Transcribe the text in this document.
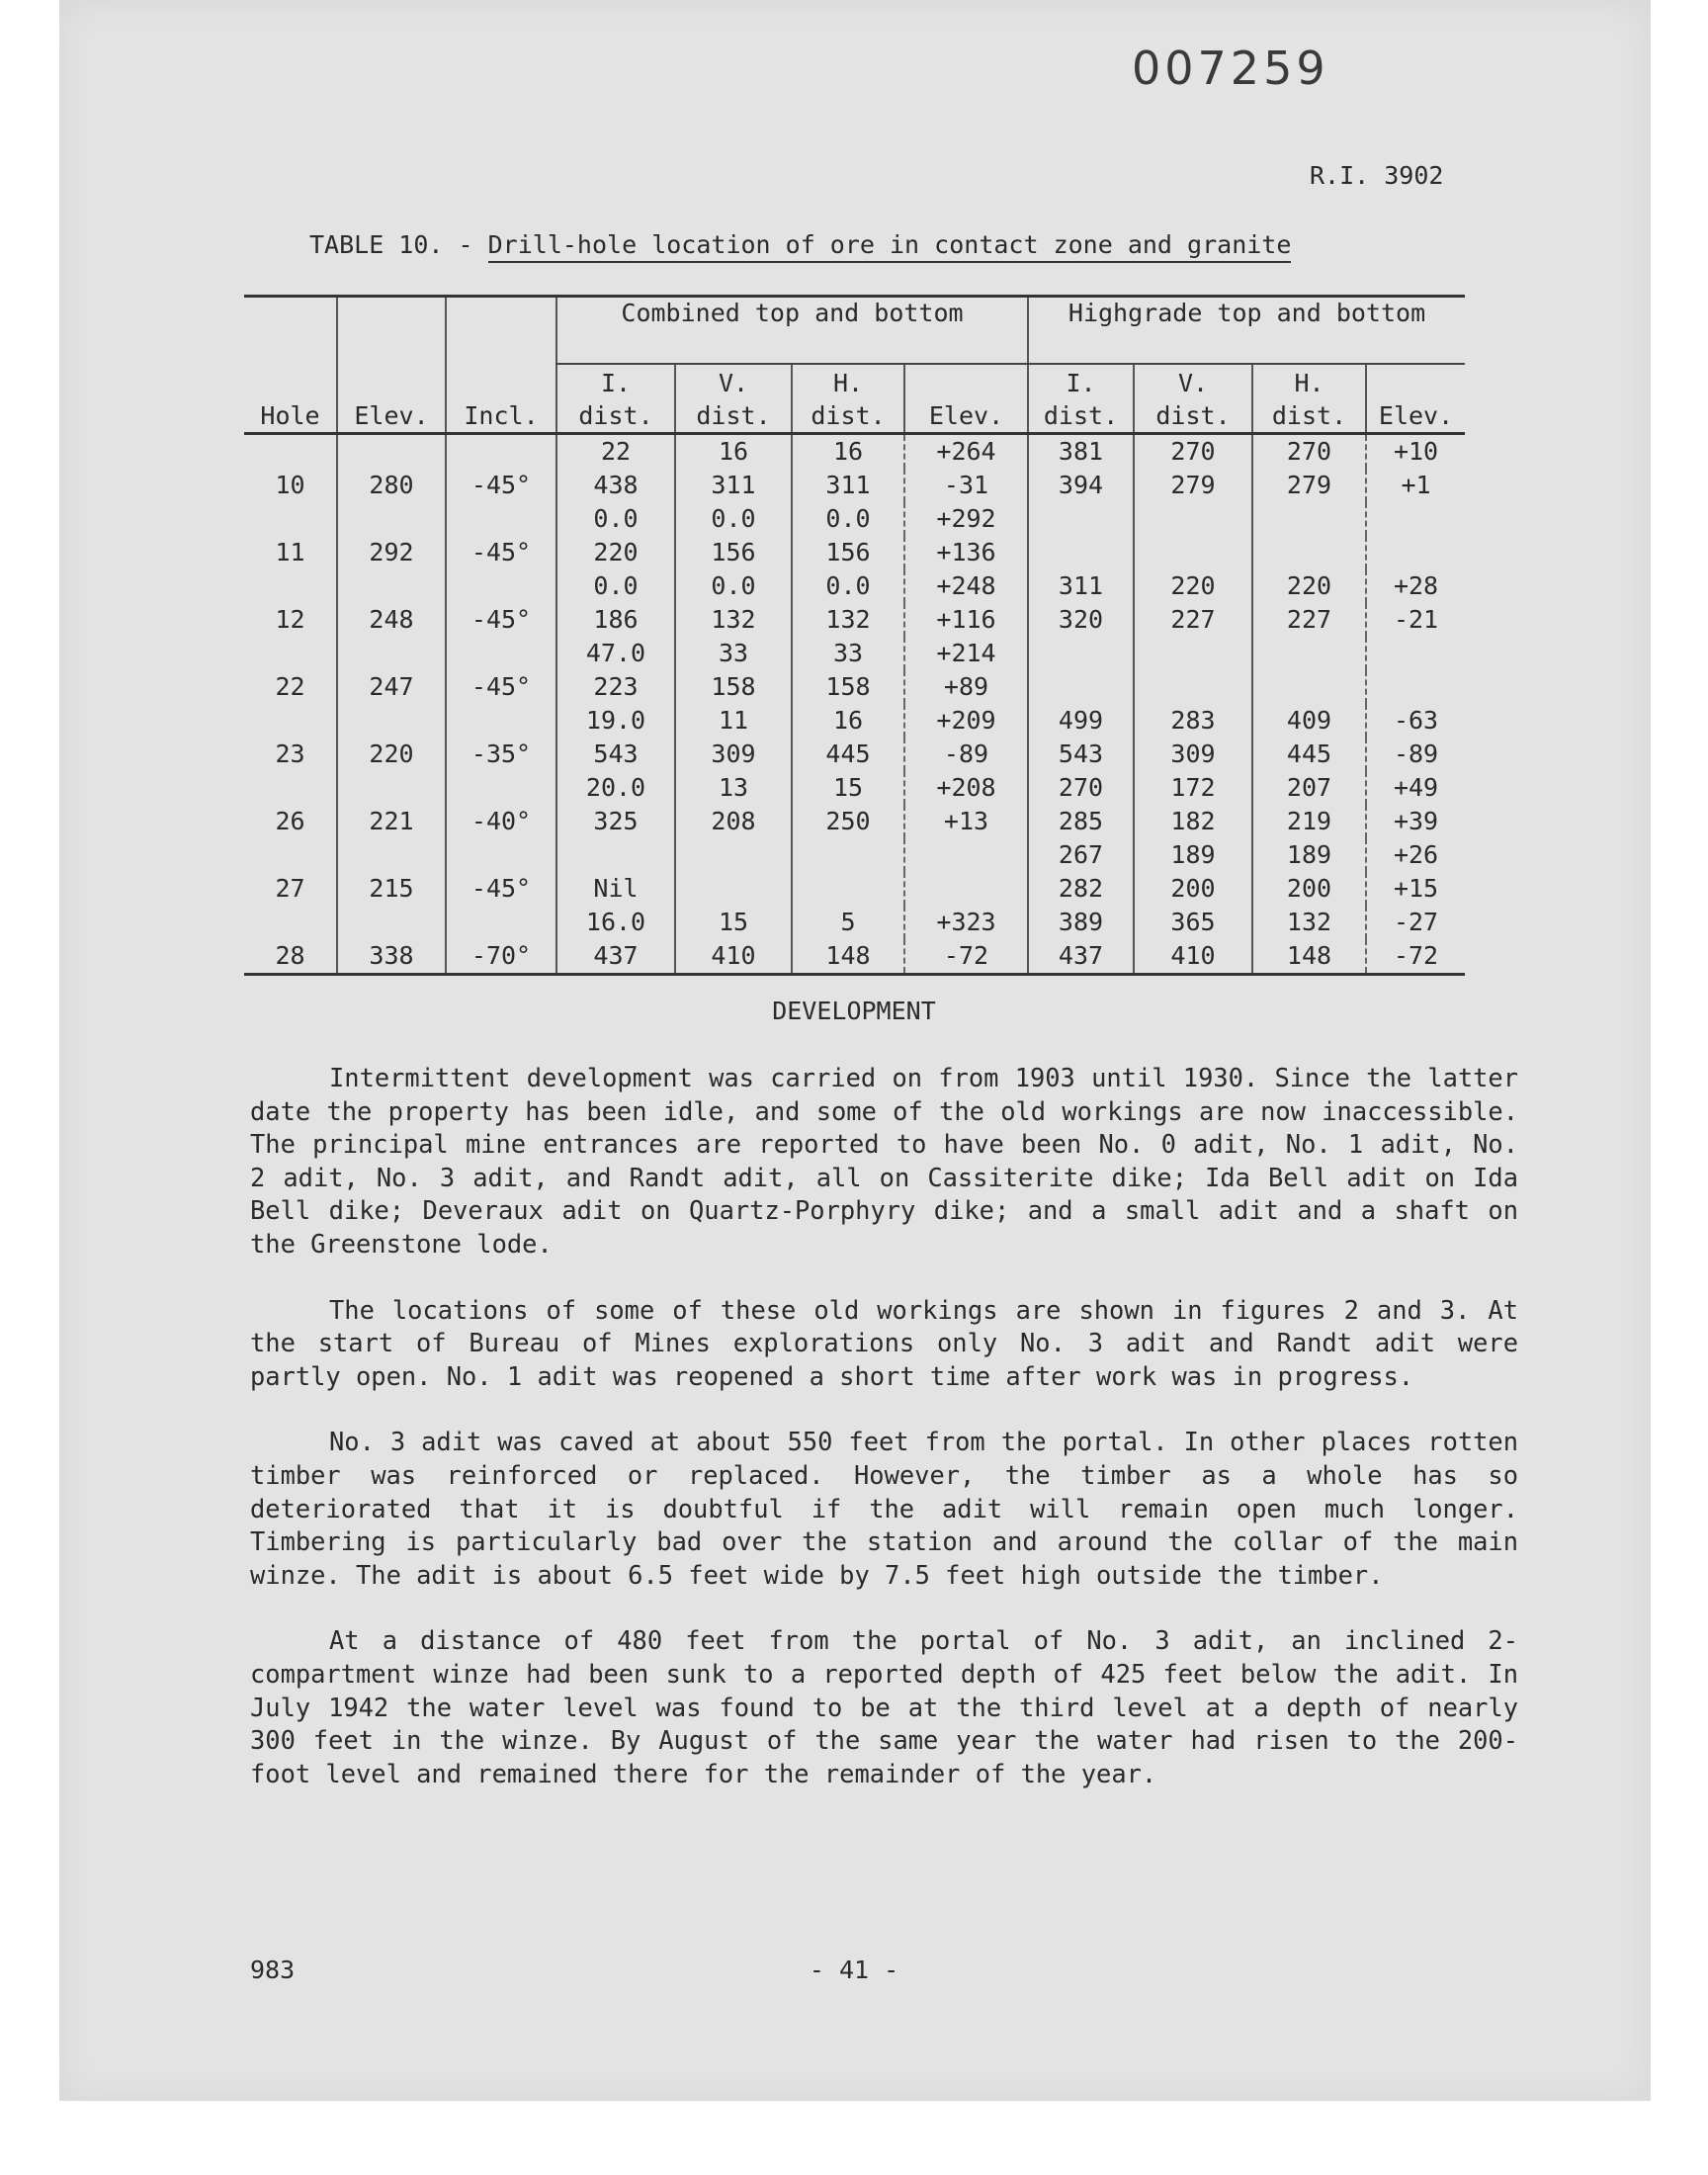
007259
R.I. 3902
TABLE 10. - Drill-hole location of ore in contact zone and granite
			Combined top and bottom				Highgrade top and bottom			
Hole	Elev.	Incl.	I. dist.	V. dist.	H. dist.	Elev.	I. dist.	V. dist.	H. dist.	Elev.
			22	16	16	+264	381	270	270	+10
10	280	-45°	438	311	311	-31	394	279	279	+1
			0.0	0.0	0.0	+292				
11	292	-45°	220	156	156	+136				
			0.0	0.0	0.0	+248	311	220	220	+28
12	248	-45°	186	132	132	+116	320	227	227	-21
			47.0	33	33	+214				
22	247	-45°	223	158	158	+89				
			19.0	11	16	+209	499	283	409	-63
23	220	-35°	543	309	445	-89	543	309	445	-89
			20.0	13	15	+208	270	172	207	+49
26	221	-40°	325	208	250	+13	285	182	219	+39
							267	189	189	+26
27	215	-45°	Nil				282	200	200	+15
			16.0	15	5	+323	389	365	132	-27
28	338	-70°	437	410	148	-72	437	410	148	-72
DEVELOPMENT

Intermittent development was carried on from 1903 until 1930. Since the latter date the property has been idle, and some of the old workings are now inaccessible. The principal mine entrances are reported to have been No. 0 adit, No. 1 adit, No. 2 adit, No. 3 adit, and Randt adit, all on Cassiterite dike; Ida Bell adit on Ida Bell dike; Deveraux adit on Quartz-Porphyry dike; and a small adit and a shaft on the Greenstone lode.

The locations of some of these old workings are shown in figures 2 and 3. At the start of Bureau of Mines explorations only No. 3 adit and Randt adit were partly open. No. 1 adit was reopened a short time after work was in progress.

No. 3 adit was caved at about 550 feet from the portal. In other places rotten timber was reinforced or replaced. However, the timber as a whole has so deteriorated that it is doubtful if the adit will remain open much longer. Timbering is particularly bad over the station and around the collar of the main winze. The adit is about 6.5 feet wide by 7.5 feet high outside the timber.

At a distance of 480 feet from the portal of No. 3 adit, an inclined 2-compartment winze had been sunk to a reported depth of 425 feet below the adit. In July 1942 the water level was found to be at the third level at a depth of nearly 300 feet in the winze. By August of the same year the water had risen to the 200-foot level and remained there for the remainder of the year.

983	- 41 -
